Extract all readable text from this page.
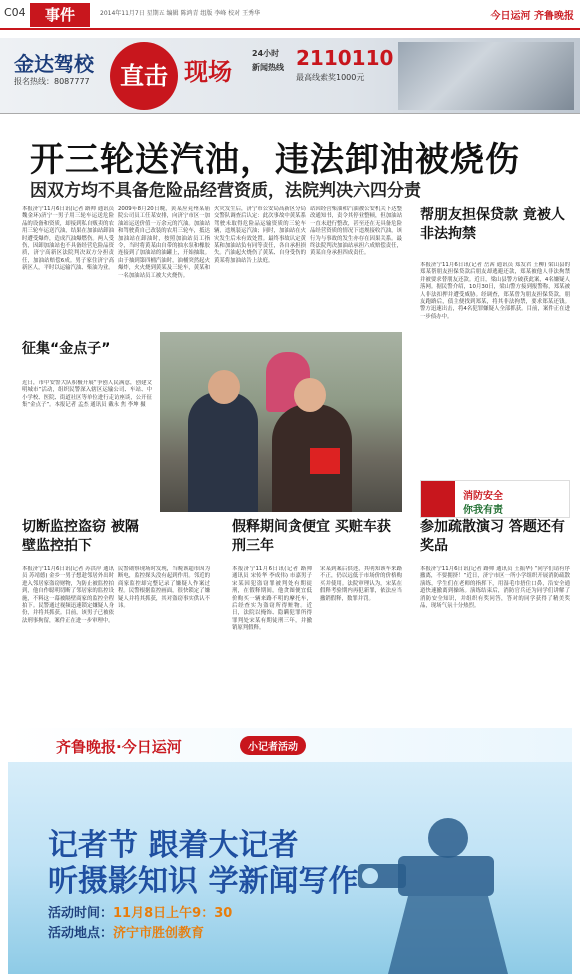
C04	事件	2014年11月7日 星期五 编辑 陈鸿青 组版 李峰 校对 王秀华	今日运河 齐鲁晚报
金达驾校
报名热线：8087777	直击 现场
24小时
新闻热线 2110110
最高线索奖1000元
开三轮送汽油，违法卸油被烧伤
因双方均不具备危险品经营资质，法院判决六四分责
本报济宁11月6日讯(记者 路帅 通讯员 魏金环)济宁一男子用三轮车运送危险品的设备和资质，却接到私自贩卖的农用三轮车运送汽油，结果在加油站卸油时遭受爆炸，造成汽油爆燃伤。两人受伤，因卸加油站也不具备经营危险品资质，济宁高新区法院判决双方分担责任，加油站赔偿6成。男子家住济宁高新区人，平时以运输汽油、柴油为业。
2009年8月20日晚，黄某应兖州某庙院公司员工任某安排，向济宁市区一加油站运送价值一万余元的汽油。加油站和驾驶黄自己改装的农用三轮车，抵达加油站在卸油时，按照加油站员工指令，当时将黄某由自带的抽水泵和橡胶连接到了加油站的油罐上，开始抽取。由于抽到第四桶汽油时，油桶突然起火爆炸，火火烧到黄某及三轮车，黄某和一名加油站员工被大火烧伤。
火灾发生后，济宁市公安局高新区分局交警队调查后认定：此次事故中黄某系驾驶未取得危险品运输资质的三轮车辆，违规装运汽油；同时，加油站在火灾发生后未有效处置。最终事故认定黄某和加油站负有同等责任，各自承担损失。汽油起火烧伤了黄某、自身受伤的黄某将加油站告上法庭。
站因经营柴油和汽油被公安机关下达整改通知书，责令其停业整顿，但加油站一直未进行整改，甚至还在无具备危险品经营资质的情况下违规接收汽油，该行为与事故的发生亦存在因果关系。最终法院判决加油站承担六成赔偿责任，黄某自身承担四成责任。
征集“金点子”
近日，市中安警大队积极开展“争创人民满意，创建文明城市”活动，组织民警深入辖区运输公司、车站、中小学校、医院、街道社区等单位进行走访座谈，公开征集“金点子”。本报记者 孟杰 通讯员 戴永 焦 李坤 摄
帮朋友担保贷款 竟被人非法拘禁
本报济宁11月6日讯(记者 岳茜 通讯员 郑发君 王柳) 梁山县的郑某帮朋友担保贷款后朋友却逃避还款，郑某被他人非法拘禁并被要求替朋友还款。近日，梁山县警方破获此案，4名嫌疑人落网。据民警介绍，10月30日，梁山警方接到报警称，郑某被人非法扣押并遭受威胁。经调查，郑某曾为朋友担保贷款，朋友跑路后，债主便找到郑某，将其非法拘禁，要求郑某还钱。警方迅速出击，将4名犯罪嫌疑人全部抓获。目前，案件正在进一步侦办中。
消防安全
你我有责
切断监控盗窃 被隔壁监控拍下
本报济宁11月6日讯(记者 苏洪岸 通讯员 苏靖德) 金乡一男子想趁邻居外出时进入邻居家盗窃财物，为防止被监控拍到，他自作聪明切断了邻居家的监控设施，不料这一幕被隔壁商家的监控全程拍下。民警通过视频迅速锁定嫌疑人身份，并将其抓获。目前，该男子已被依法刑事拘留，案件正在进一步审理中。
民警勘察现场时发现，当晚该超市因为断电，监控探头没有起到作用。邻近的商家监控却完整记录了嫌疑人作案过程。民警根据监控画面，很快锁定了嫌疑人并将其抓获，其对盗窃事实供认不讳。
假释期间贪便宜 买赃车获刑三年
本报济宁11月6日讯(记者 路帅 通讯员 宋传华 李成伟) 市嘉男子宋某因犯盗窃罪被判处有期徒刑，在假释期间，他贪图便宜低价购买一辆来路不明的摩托车，后经查实为盗窃所得赃物。近日，法院以掩饰、隐瞒犯罪所得罪判处宋某有期徒刑三年，并撤销原判假释。
宋某到案后供述，其明知该车来路不正，仍以远低于市场价的价格购买并使用。法院审理认为，宋某在假释考验期内再犯新罪，依法应当撤销假释，数罪并罚。
参加疏散演习 答题还有奖品
本报济宁11月6日讯(记者 路帅 通讯员 王振华) “同学们请有序撤离，不要拥挤！”近日，济宁市区一所小学组织开展消防疏散演练，学生们在老师的指挥下，用湿毛巾捂住口鼻，沿安全通道快速撤离到操场。演练结束后，消防官兵还为同学们讲解了消防安全知识，并组织有奖问答，答对的同学获得了精美奖品，现场气氛十分热烈。
齐鲁晚报·今日运河	小记者活动
记者节 跟着大记者
听摄影知识 学新闻写作
活动时间：11月8日上午9：30
活动地点：济宁市胜创教育
